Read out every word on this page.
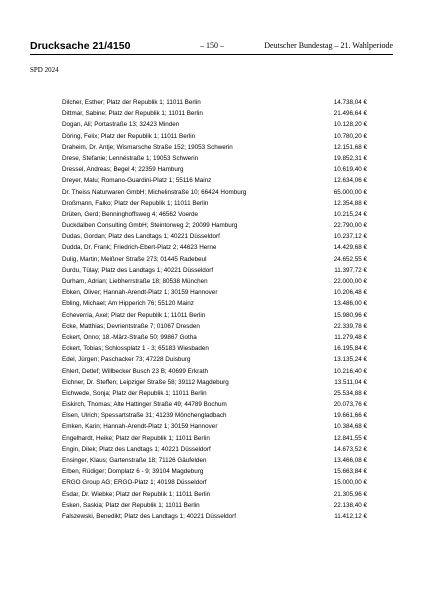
Drucksache 21/4150	– 150 –	Deutscher Bundestag – 21. Wahlperiode
SPD 2024
Dilcher, Esther; Platz der Republik 1; 11011 Berlin	14.738,04 €
Dittmar, Sabine; Platz der Republik 1; 11011 Berlin	21.496,64 €
Dogan, Ali; Portastraße 13; 32423 Minden	10.128,20 €
Döring, Felix; Platz der Republik 1; 11011 Berlin	10.780,20 €
Draheim, Dr. Antje; Wismarsche Straße 152; 19053 Schwerin	12.151,68 €
Drese, Stefanie; Lennéstraße 1; 19053 Schwerin	19.852,31 €
Dressel, Andreas; Begel 4; 22359 Hamburg	10.619,40 €
Dreyer, Malu; Romano-Guardini-Platz 1; 55116 Mainz	12.634,06 €
Dr. Theiss Naturwaren GmbH; Michelinstraße 10; 66424 Homburg	65.000,00 €
Droßmann, Falko; Platz der Republik 1; 11011 Berlin	12.354,88 €
Drüten, Gerd; Benninghoffsweg 4; 46562 Voerde	10.215,24 €
Duckdalben Consulting GmbH; Steintorweg 2; 20099 Hamburg	22.790,00 €
Dudas, Gordan; Platz des Landtags 1; 40221 Düsseldorf	10.237,12 €
Dudda, Dr. Frank; Friedrich-Ebert-Platz 2; 44623 Herne	14.429,68 €
Dulig, Martin; Meißner Straße 273; 01445 Radebeul	24.652,55 €
Durdu, Tülay; Platz des Landtags 1; 40221 Düsseldorf	11.397,72 €
Durham, Adrian; Liebherrstraße 18; 80538 München	22.000,00 €
Ebken, Oliver; Hannah-Arendt-Platz 1; 30159 Hannover	10.206,48 €
Ebling, Michael; Am Hipperich 76; 55120 Mainz	13.486,00 €
Echeverria, Axel; Platz der Republik 1; 11011 Berlin	15.980,96 €
Ecke, Matthias; Devrientstraße 7; 01067 Dresden	22.339,78 €
Eckert, Onno; 18.-März-Straße 50; 99867 Gotha	11.279,48 €
Eckert, Tobias; Schlossplatz 1 - 3; 65183 Wiesbaden	16.195,84 €
Edel, Jürgen; Paschacker 73; 47228 Duisburg	13.135,24 €
Ehlert, Detlef; Willbecker Busch 23 B; 40699 Erkrath	10.216,40 €
Eichner, Dr. Steffen; Leipziger Straße 58; 39112 Magdeburg	13.511,04 €
Eichwede, Sonja; Platz der Republik 1; 11011 Berlin	25.534,88 €
Eiskirch, Thomas; Alte Hattinger Straße 49; 44789 Bochum	20.073,76 €
Elsen, Ulrich; Spessartstraße 31; 41239 Mönchengladbach	19.661,66 €
Emken, Karin; Hannah-Arendt-Platz 1; 30159 Hannover	10.384,68 €
Engelhardt, Heike; Platz der Republik 1; 11011 Berlin	12.841,55 €
Engin, Dilek; Platz des Landtags 1; 40221 Düsseldorf	14.673,52 €
Ensinger, Klaus; Gartenstraße 18; 71126 Gäufelden	13.466,08 €
Erben, Rüdiger; Domplatz 6 - 9; 39104 Magdeburg	15.663,84 €
ERGO Group AG; ERGO-Platz 1; 40198 Düsseldorf	15.000,00 €
Esdar, Dr. Wiebke; Platz der Republik 1; 11011 Berlin	21.305,96 €
Esken, Saskia; Platz der Republik 1; 11011 Berlin	22.138,40 €
Falszewski, Benedikt; Platz des Landtags 1; 40221 Düsseldorf	11.412,12 €
